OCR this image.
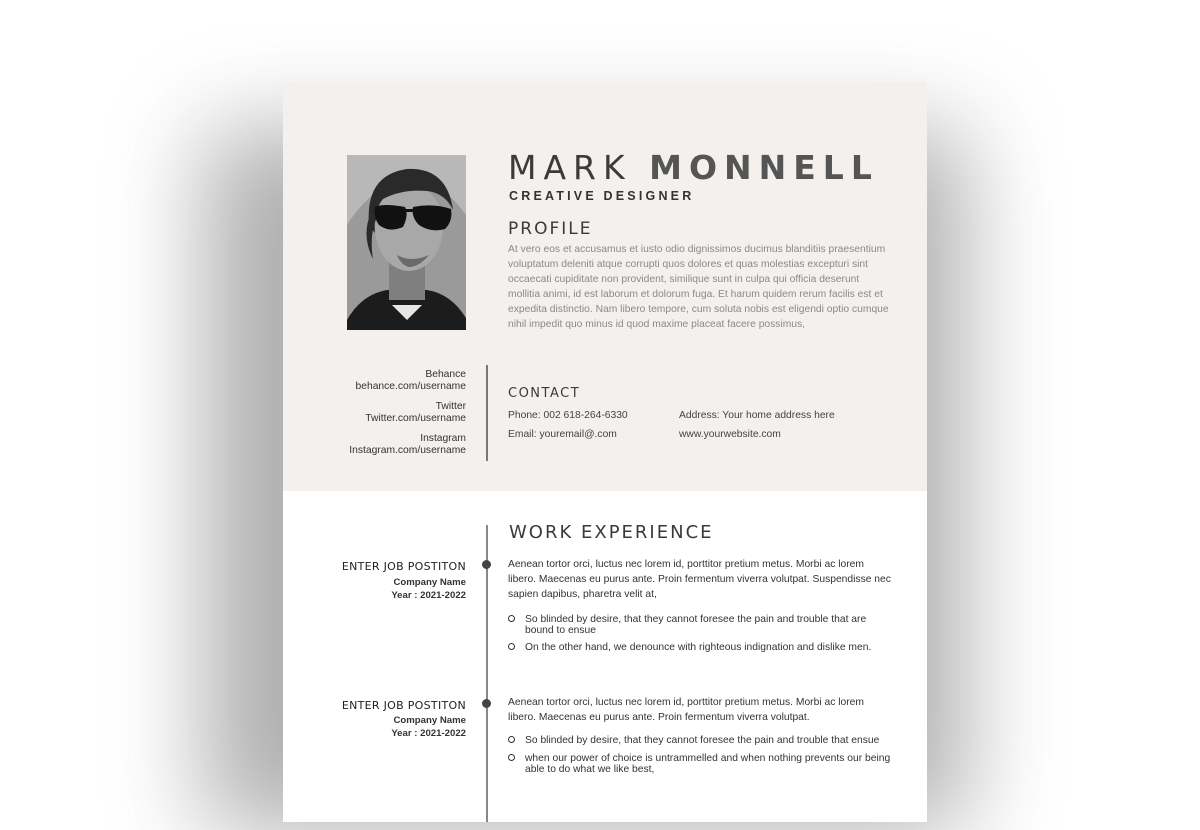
MARK MONNELL
CREATIVE DESIGNER
PROFILE

At vero eos et accusamus et iusto odio dignissimos ducimus blanditiis praesentium voluptatum deleniti atque corrupti quos dolores et quas molestias excepturi sint occaecati cupiditate non provident, similique sunt in culpa qui officia deserunt mollitia animi, id est laborum et dolorum fuga. Et harum quidem rerum facilis est et expedita distinctio. Nam libero tempore, cum soluta nobis est eligendi optio cumque nihil impedit quo minus id quod maxime placeat facere possimus,

Behance
behance.com/username
Twitter
Twitter.com/username
Instagram
Instagram.com/username
CONTACT
Phone: 002 618-264-6330
Email: youremail@.com
Address: Your home address here
www.yourwebsite.com
WORK EXPERIENCE
ENTER JOB POSTITON
Company Name
Year : 2021-2022

Aenean tortor orci, luctus nec lorem id, porttitor pretium metus. Morbi ac lorem libero. Maecenas eu purus ante. Proin fermentum viverra volutpat. Suspendisse nec sapien dapibus, pharetra velit at,

So blinded by desire, that they cannot foresee the pain and trouble that are bound to ensue
On the other hand, we denounce with righteous indignation and dislike men.
ENTER JOB POSTITON
Company Name
Year : 2021-2022

Aenean tortor orci, luctus nec lorem id, porttitor pretium metus. Morbi ac lorem libero. Maecenas eu purus ante. Proin fermentum viverra volutpat.

So blinded by desire, that they cannot foresee the pain and trouble that ensue
when our power of choice is untrammelled and when nothing prevents our being able to do what we like best,
